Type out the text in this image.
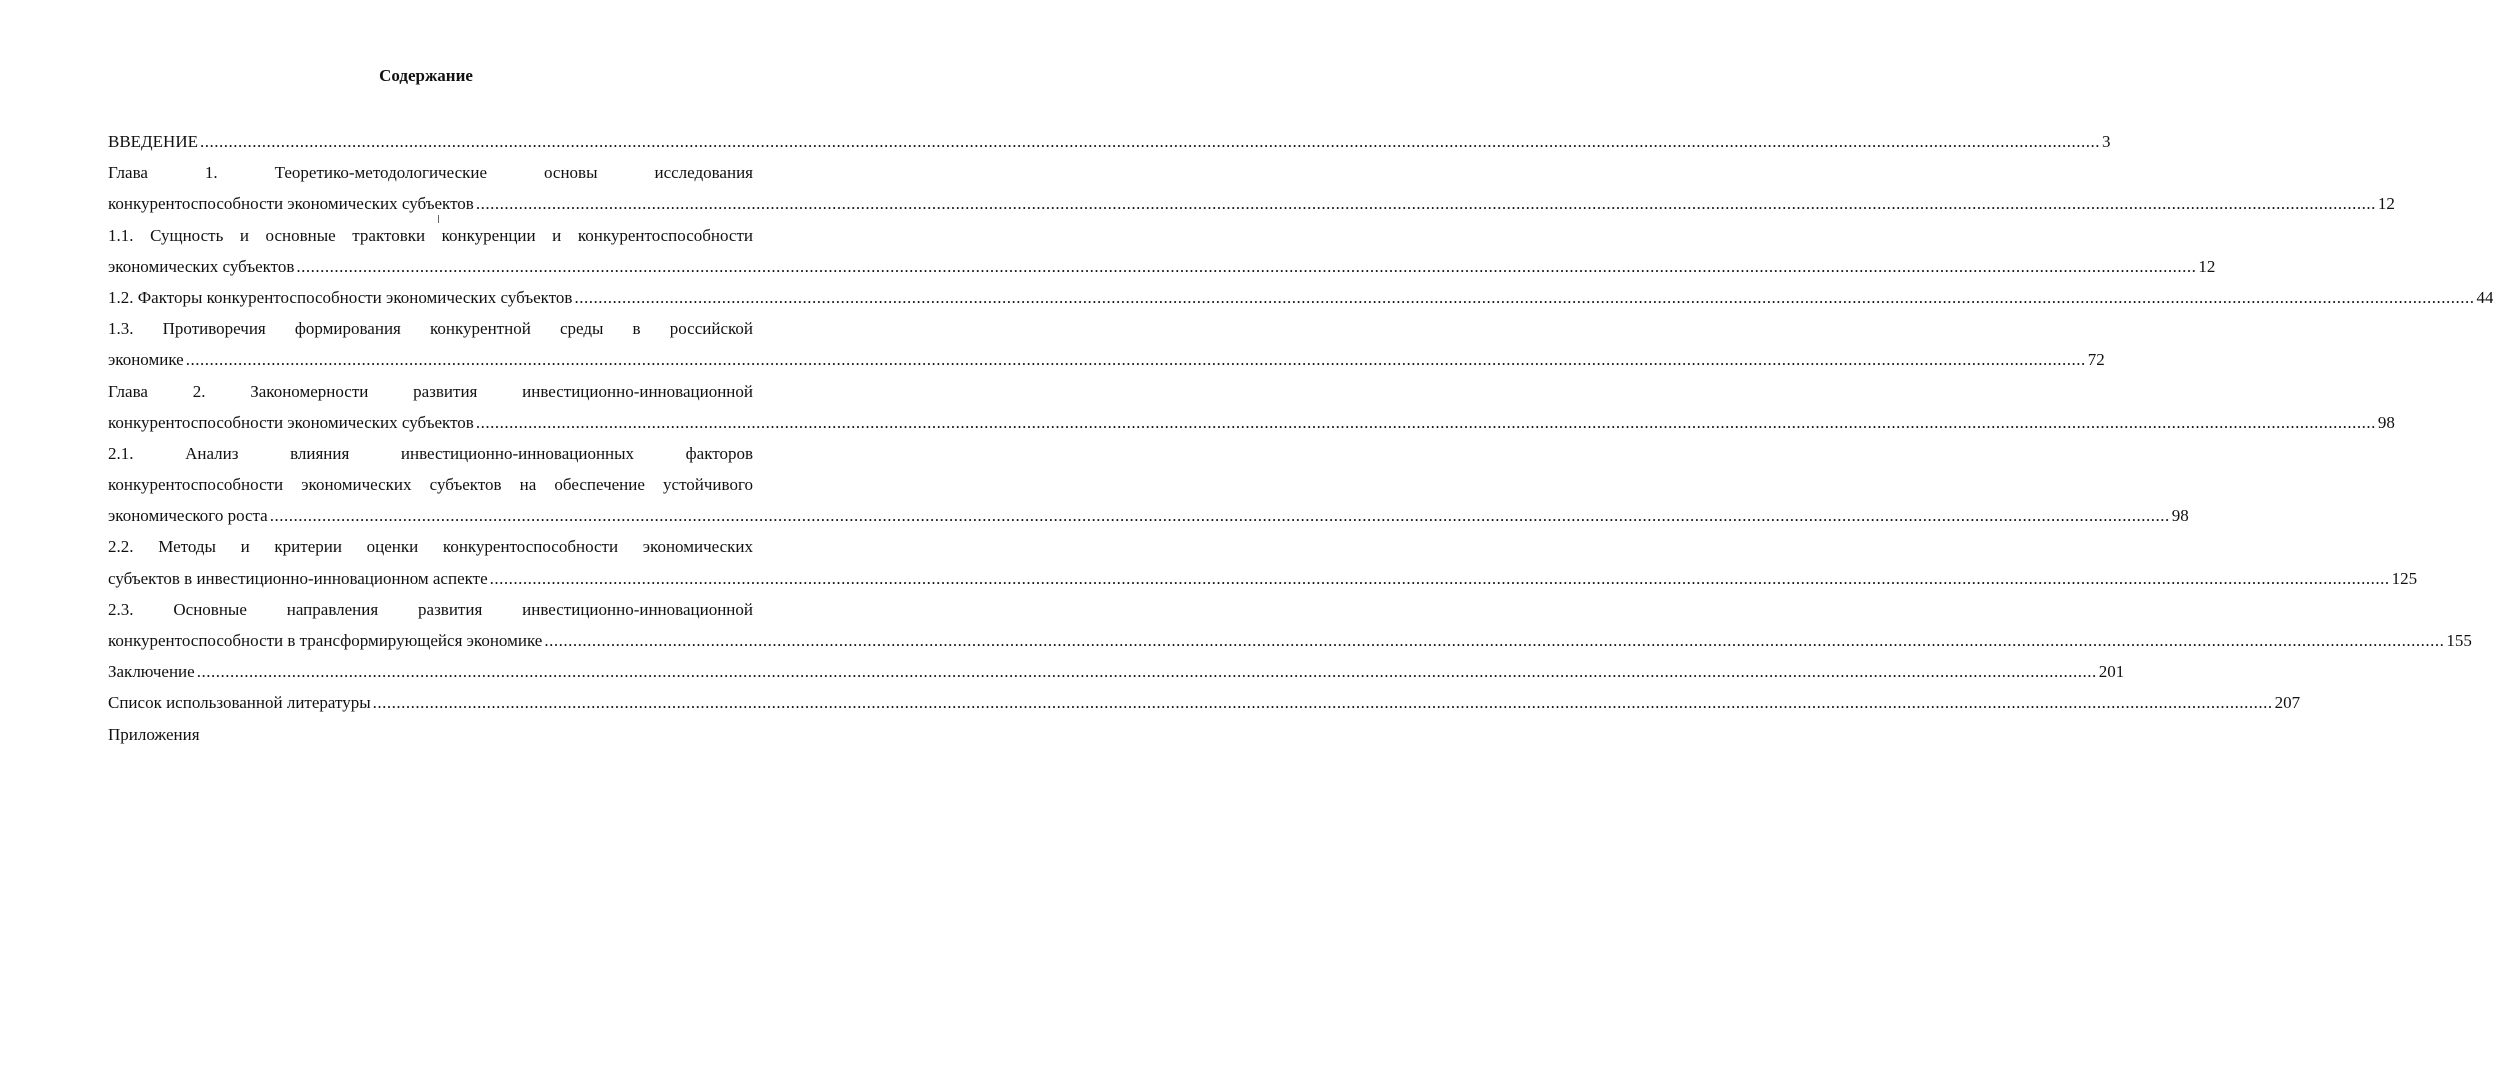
Содержание
ВВЕДЕНИЕ ................................................................................................................................................................................................................................................................................................................................................................................................................ 3
Глава 1. Теоретико-методологические основы исследования
конкурентоспособности экономических субъектов ................................................................................................................................................................................................................................................................................................................................................................................................................ 12
1.1. Сущность и основные трактовки конкуренции и конкурентоспособности
экономических субъектов ................................................................................................................................................................................................................................................................................................................................................................................................................ 12
1.2. Факторы конкурентоспособности экономических субъектов ................................................................................................................................................................................................................................................................................................................................................................................................................ 44
1.3. Противоречия формирования конкурентной среды в российской
экономике ................................................................................................................................................................................................................................................................................................................................................................................................................ 72
Глава 2. Закономерности развития инвестиционно-инновационной
конкурентоспособности экономических субъектов ................................................................................................................................................................................................................................................................................................................................................................................................................ 98
2.1. Анализ влияния инвестиционно-инновационных факторов
конкурентоспособности экономических субъектов на обеспечение устойчивого
экономического роста ................................................................................................................................................................................................................................................................................................................................................................................................................ 98
2.2. Методы и критерии оценки конкурентоспособности экономических
субъектов в инвестиционно-инновационном аспекте ................................................................................................................................................................................................................................................................................................................................................................................................................ 125
2.3. Основные направления развития инвестиционно-инновационной
конкурентоспособности в трансформирующейся экономике ................................................................................................................................................................................................................................................................................................................................................................................................................ 155
Заключение ................................................................................................................................................................................................................................................................................................................................................................................................................ 201
Список использованной литературы ................................................................................................................................................................................................................................................................................................................................................................................................................ 207
Приложения
